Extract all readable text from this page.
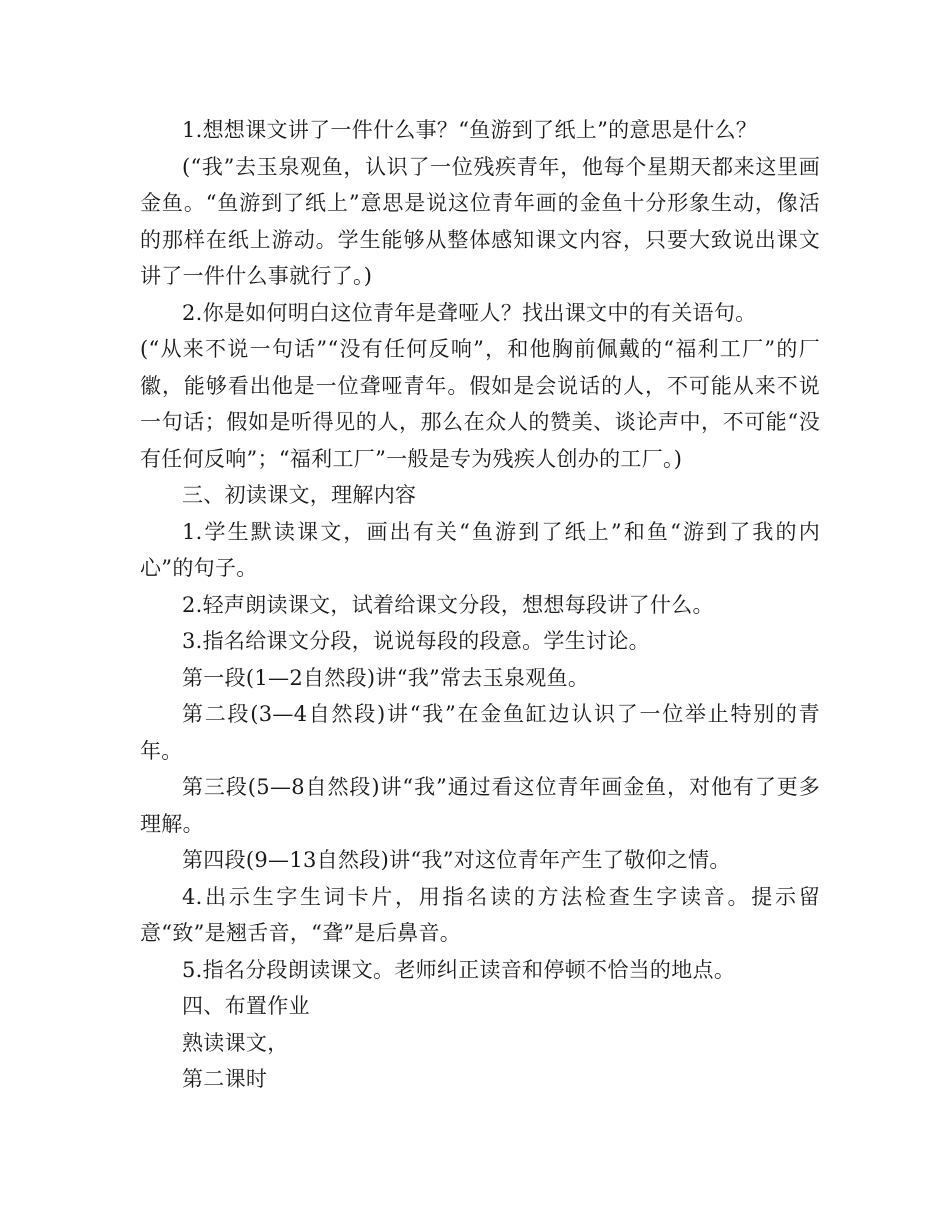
1.想想课文讲了一件什么事？“鱼游到了纸上”的意思是什么？

(“我”去玉泉观鱼，认识了一位残疾青年，他每个星期天都来这里画金鱼。“鱼游到了纸上”意思是说这位青年画的金鱼十分形象生动，像活的那样在纸上游动。学生能够从整体感知课文内容，只要大致说出课文讲了一件什么事就行了。)

2.你是如何明白这位青年是聋哑人？找出课文中的有关语句。

(“从来不说一句话”“没有任何反响”，和他胸前佩戴的“福利工厂”的厂徽，能够看出他是一位聋哑青年。假如是会说话的人，不可能从来不说一句话；假如是听得见的人，那么在众人的赞美、谈论声中，不可能“没有任何反响”；“福利工厂”一般是专为残疾人创办的工厂。)

三、初读课文，理解内容

1.学生默读课文，画出有关“鱼游到了纸上”和鱼“游到了我的内心”的句子。

2.轻声朗读课文，试着给课文分段，想想每段讲了什么。

3.指名给课文分段，说说每段的段意。学生讨论。

第一段(1—2自然段)讲“我”常去玉泉观鱼。

第二段(3—4自然段)讲“我”在金鱼缸边认识了一位举止特别的青年。

第三段(5—8自然段)讲“我”通过看这位青年画金鱼，对他有了更多理解。

第四段(9—13自然段)讲“我”对这位青年产生了敬仰之情。

4.出示生字生词卡片，用指名读的方法检查生字读音。提示留意“致”是翘舌音，“聋”是后鼻音。

5.指名分段朗读课文。老师纠正读音和停顿不恰当的地点。

四、布置作业

熟读课文，

第二课时
